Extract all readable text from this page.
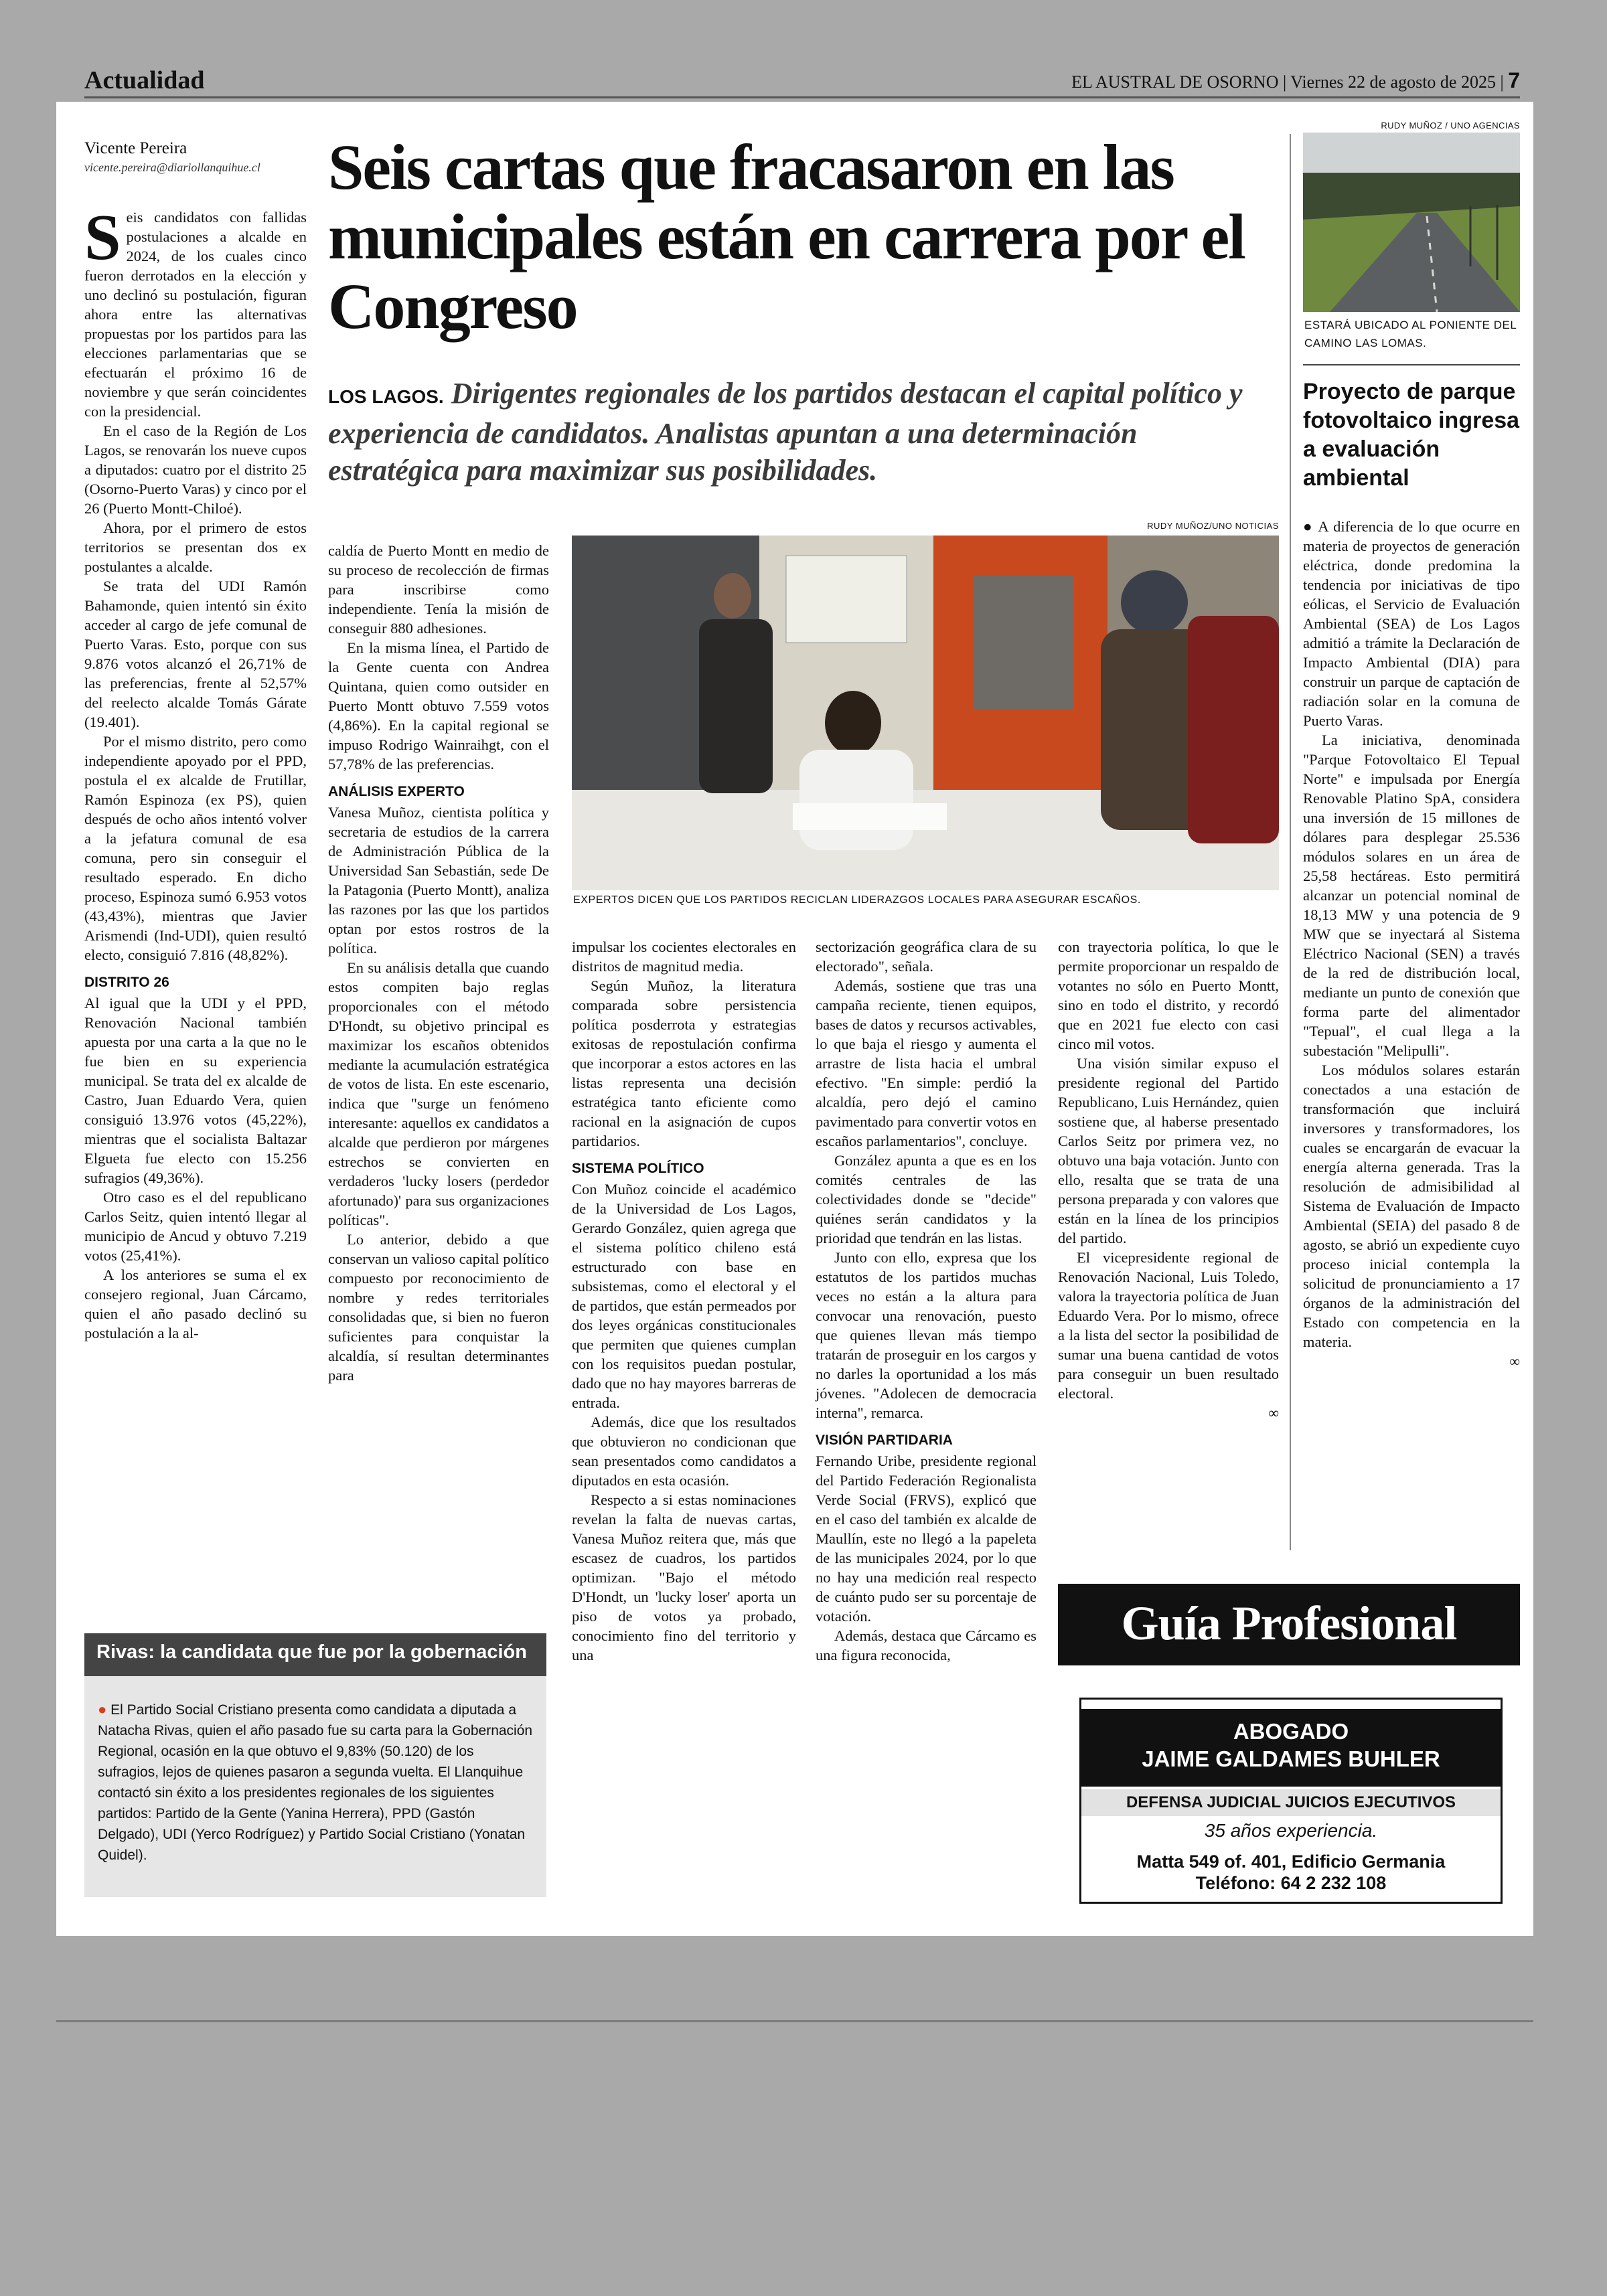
Actualidad	EL AUSTRAL DE OSORNO | Viernes 22 de agosto de 2025 | 7
Vicente Pereira
vicente.pereira@diariollanquihue.cl	Seis cartas que fracasaron en las municipales están en carrera por el Congreso
LOS LAGOS. Dirigentes regionales de los partidos destacan el capital político y experiencia de candidatos. Analistas apuntan a una determinación estratégica para maximizar sus posibilidades.

Seis candidatos con fallidas postulaciones a alcalde en 2024, de los cuales cinco fueron derrotados en la elección y uno declinó su postulación, figuran ahora entre las alternativas propuestas por los partidos para las elecciones parlamentarias que se efectuarán el próximo 16 de noviembre y que serán coincidentes con la presidencial.

En el caso de la Región de Los Lagos, se renovarán los nueve cupos a diputados: cuatro por el distrito 25 (Osorno-Puerto Varas) y cinco por el 26 (Puerto Montt-Chiloé).

Ahora, por el primero de estos territorios se presentan dos ex postulantes a alcalde.

Se trata del UDI Ramón Bahamonde, quien intentó sin éxito acceder al cargo de jefe comunal de Puerto Varas. Esto, porque con sus 9.876 votos alcanzó el 26,71% de las preferencias, frente al 52,57% del reelecto alcalde Tomás Gárate (19.401).

Por el mismo distrito, pero como independiente apoyado por el PPD, postula el ex alcalde de Frutillar, Ramón Espinoza (ex PS), quien después de ocho años intentó volver a la jefatura comunal de esa comuna, pero sin conseguir el resultado esperado. En dicho proceso, Espinoza sumó 6.953 votos (43,43%), mientras que Javier Arismendi (Ind-UDI), quien resultó electo, consiguió 7.816 (48,82%).

DISTRITO 26

Al igual que la UDI y el PPD, Renovación Nacional también apuesta por una carta a la que no le fue bien en su experiencia municipal. Se trata del ex alcalde de Castro, Juan Eduardo Vera, quien consiguió 13.976 votos (45,22%), mientras que el socialista Baltazar Elgueta fue electo con 15.256 sufragios (49,36%).

Otro caso es el del republicano Carlos Seitz, quien intentó llegar al municipio de Ancud y obtuvo 7.219 votos (25,41%).

A los anteriores se suma el ex consejero regional, Juan Cárcamo, quien el año pasado declinó su postulación a la al-

RUDY MUÑOZ/UNO NOTICIAS
EXPERTOS DICEN QUE LOS PARTIDOS RECICLAN LIDERAZGOS LOCALES PARA ASEGURAR ESCAÑOS.

caldía de Puerto Montt en medio de su proceso de recolección de firmas para inscribirse como independiente. Tenía la misión de conseguir 880 adhesiones.

En la misma línea, el Partido de la Gente cuenta con Andrea Quintana, quien como outsider en Puerto Montt obtuvo 7.559 votos (4,86%). En la capital regional se impuso Rodrigo Wainraihgt, con el 57,78% de las preferencias.

ANÁLISIS EXPERTO

Vanesa Muñoz, cientista política y secretaria de estudios de la carrera de Administración Pública de la Universidad San Sebastián, sede De la Patagonia (Puerto Montt), analiza las razones por las que los partidos optan por estos rostros de la política.

En su análisis detalla que cuando estos compiten bajo reglas proporcionales con el método D'Hondt, su objetivo principal es maximizar los escaños obtenidos mediante la acumulación estratégica de votos de lista. En este escenario, indica que "surge un fenómeno interesante: aquellos ex candidatos a alcalde que perdieron por márgenes estrechos se convierten en verdaderos 'lucky losers (perdedor afortunado)' para sus organizaciones políticas".

Lo anterior, debido a que conservan un valioso capital político compuesto por reconocimiento de nombre y redes territoriales consolidadas que, si bien no fueron suficientes para conquistar la alcaldía, sí resultan determinantes para

impulsar los cocientes electorales en distritos de magnitud media.

Según Muñoz, la literatura comparada sobre persistencia política posderrota y estrategias exitosas de repostulación confirma que incorporar a estos actores en las listas representa una decisión estratégica tanto eficiente como racional en la asignación de cupos partidarios.

SISTEMA POLÍTICO

Con Muñoz coincide el académico de la Universidad de Los Lagos, Gerardo González, quien agrega que el sistema político chileno está estructurado con base en subsistemas, como el electoral y el de partidos, que están permeados por dos leyes orgánicas constitucionales que permiten que quienes cumplan con los requisitos puedan postular, dado que no hay mayores barreras de entrada.

Además, dice que los resultados que obtuvieron no condicionan que sean presentados como candidatos a diputados en esta ocasión.

Respecto a si estas nominaciones revelan la falta de nuevas cartas, Vanesa Muñoz reitera que, más que escasez de cuadros, los partidos optimizan. "Bajo el método D'Hondt, un 'lucky loser' aporta un piso de votos ya probado, conocimiento fino del territorio y una

sectorización geográfica clara de su electorado", señala.

Además, sostiene que tras una campaña reciente, tienen equipos, bases de datos y recursos activables, lo que baja el riesgo y aumenta el arrastre de lista hacia el umbral efectivo. "En simple: perdió la alcaldía, pero dejó el camino pavimentado para convertir votos en escaños parlamentarios", concluye.

González apunta a que es en los comités centrales de las colectividades donde se "decide" quiénes serán candidatos y la prioridad que tendrán en las listas.

Junto con ello, expresa que los estatutos de los partidos muchas veces no están a la altura para convocar una renovación, puesto que quienes llevan más tiempo tratarán de proseguir en los cargos y no darles la oportunidad a los más jóvenes. "Adolecen de democracia interna", remarca.

VISIÓN PARTIDARIA

Fernando Uribe, presidente regional del Partido Federación Regionalista Verde Social (FRVS), explicó que en el caso del también ex alcalde de Maullín, este no llegó a la papeleta de las municipales 2024, por lo que no hay una medición real respecto de cuánto pudo ser su porcentaje de votación.

Además, destaca que Cárcamo es una figura reconocida,

con trayectoria política, lo que le permite proporcionar un respaldo de votantes no sólo en Puerto Montt, sino en todo el distrito, y recordó que en 2021 fue electo con casi cinco mil votos.

Una visión similar expuso el presidente regional del Partido Republicano, Luis Hernández, quien sostiene que, al haberse presentado Carlos Seitz por primera vez, no obtuvo una baja votación. Junto con ello, resalta que se trata de una persona preparada y con valores que están en la línea de los principios del partido.

El vicepresidente regional de Renovación Nacional, Luis Toledo, valora la trayectoria política de Juan Eduardo Vera. Por lo mismo, ofrece a la lista del sector la posibilidad de sumar una buena cantidad de votos para conseguir un buen resultado electoral.

∞

Rivas: la candidata que fue por la gobernación
● El Partido Social Cristiano presenta como candidata a diputada a Natacha Rivas, quien el año pasado fue su carta para la Gobernación Regional, ocasión en la que obtuvo el 9,83% (50.120) de los sufragios, lejos de quienes pasaron a segunda vuelta. El Llanquihue contactó sin éxito a los presidentes regionales de los siguientes partidos: Partido de la Gente (Yanina Herrera), PPD (Gastón Delgado), UDI (Yerco Rodríguez) y Partido Social Cristiano (Yonatan Quidel).
RUDY MUÑOZ / UNO AGENCIAS
ESTARÁ UBICADO AL PONIENTE DEL CAMINO LAS LOMAS.
Proyecto de parque fotovoltaico ingresa a evaluación ambiental

● A diferencia de lo que ocurre en materia de proyectos de generación eléctrica, donde predomina la tendencia por iniciativas de tipo eólicas, el Servicio de Evaluación Ambiental (SEA) de Los Lagos admitió a trámite la Declaración de Impacto Ambiental (DIA) para construir un parque de captación de radiación solar en la comuna de Puerto Varas.

La iniciativa, denominada "Parque Fotovoltaico El Tepual Norte" e impulsada por Energía Renovable Platino SpA, considera una inversión de 15 millones de dólares para desplegar 25.536 módulos solares en un área de 25,58 hectáreas. Esto permitirá alcanzar un potencial nominal de 18,13 MW y una potencia de 9 MW que se inyectará al Sistema Eléctrico Nacional (SEN) a través de la red de distribución local, mediante un punto de conexión que forma parte del alimentador "Tepual", el cual llega a la subestación "Melipulli".

Los módulos solares estarán conectados a una estación de transformación que incluirá inversores y transformadores, los cuales se encargarán de evacuar la energía alterna generada. Tras la resolución de admisibilidad al Sistema de Evaluación de Impacto Ambiental (SEIA) del pasado 8 de agosto, se abrió un expediente cuyo proceso inicial contempla la solicitud de pronunciamiento a 17 órganos de la administración del Estado con competencia en la materia.

∞

Guía Profesional
ABOGADO
JAIME GALDAMES BUHLER
DEFENSA JUDICIAL JUICIOS EJECUTIVOS
35 años experiencia.
Matta 549 of. 401, Edificio Germania
Teléfono: 64 2 232 108
